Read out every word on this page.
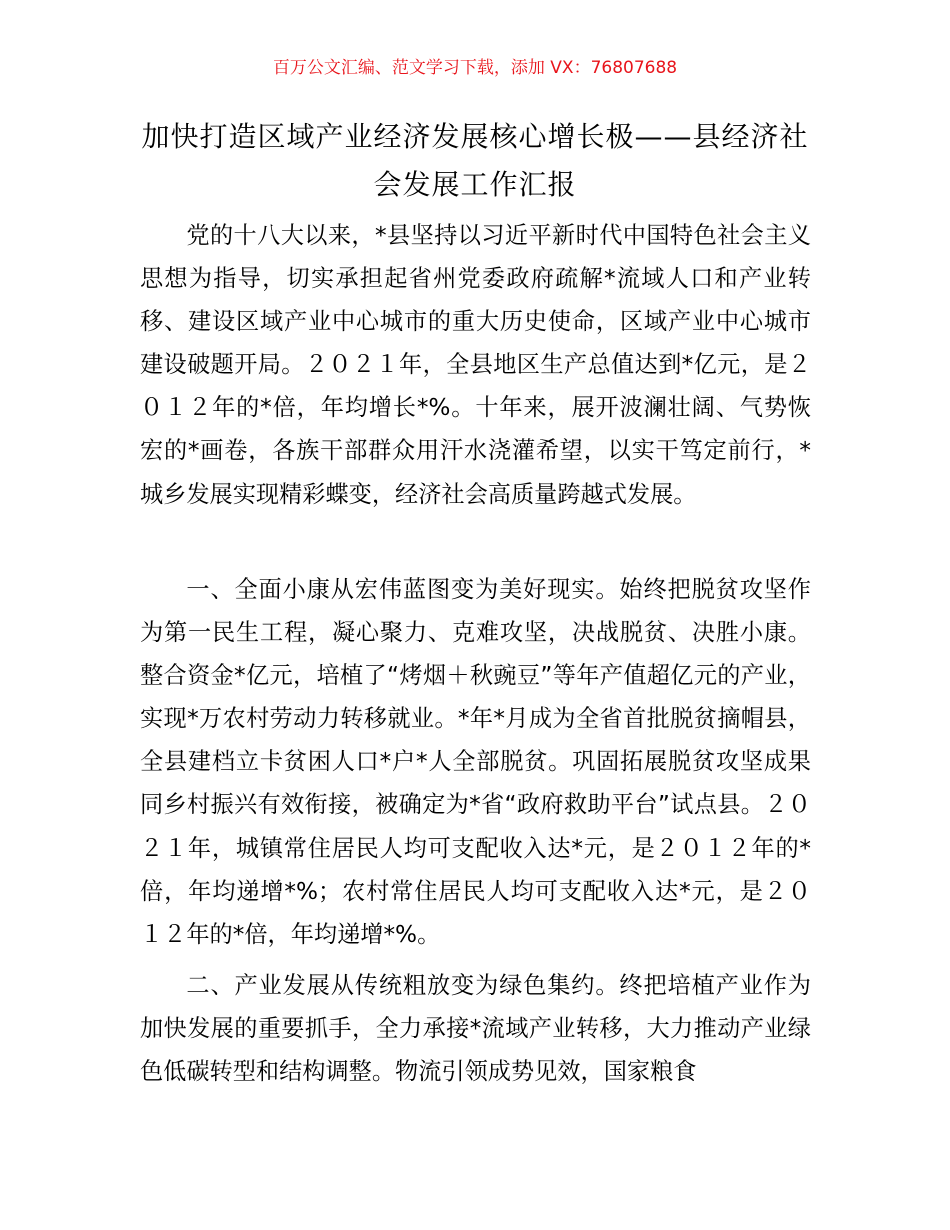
百万公文汇编、范文学习下载，添加 VX：76807688
加快打造区域产业经济发展核心增长极——县经济社会发展工作汇报

党的十八大以来，*县坚持以习近平新时代中国特色社会主义思想为指导，切实承担起省州党委政府疏解*流域人口和产业转移、建设区域产业中心城市的重大历史使命，区域产业中心城市建设破题开局。２０２１年，全县地区生产总值达到*亿元，是２０１２年的*倍，年均增长*%。十年来，展开波澜壮阔、气势恢宏的*画卷，各族干部群众用汗水浇灌希望，以实干笃定前行，*城乡发展实现精彩蝶变，经济社会高质量跨越式发展。

一、全面小康从宏伟蓝图变为美好现实。始终把脱贫攻坚作为第一民生工程，凝心聚力、克难攻坚，决战脱贫、决胜小康。整合资金*亿元，培植了“烤烟＋秋豌豆”等年产值超亿元的产业，实现*万农村劳动力转移就业。*年*月成为全省首批脱贫摘帽县，全县建档立卡贫困人口*户*人全部脱贫。巩固拓展脱贫攻坚成果同乡村振兴有效衔接，被确定为*省“政府救助平台”试点县。２０２１年，城镇常住居民人均可支配收入达*元，是２０１２年的*倍，年均递增*%；农村常住居民人均可支配收入达*元，是２０１２年的*倍，年均递增*%。

二、产业发展从传统粗放变为绿色集约。终把培植产业作为加快发展的重要抓手，全力承接*流域产业转移，大力推动产业绿色低碳转型和结构调整。物流引领成势见效，国家粮食
